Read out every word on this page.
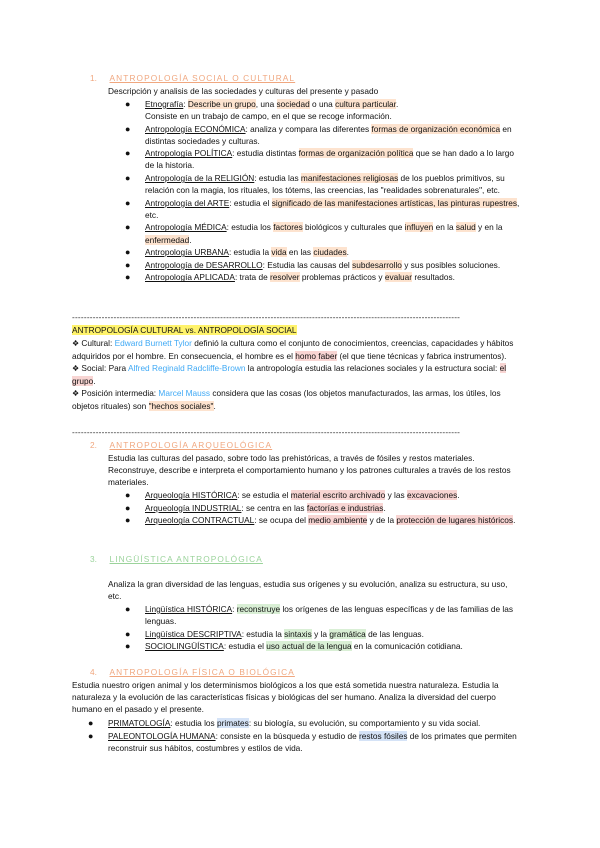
1. ANTROPOLOGÍA SOCIAL O CULTURAL
Descripción y analisis de las sociedades y culturas del presente y pasado
● Etnografía: Describe un grupo, una sociedad o una cultura particular.
Consiste en un trabajo de campo, en el que se recoge información.
● Antropología ECONÓMICA: analiza y compara las diferentes formas de organización económica en distintas sociedades y culturas.
● Antropología POLÍTICA: estudia distintas formas de organización política que se han dado a lo largo de la historia.
● Antropología de la RELIGIÓN: estudia las manifestaciones religiosas de los pueblos primitivos, su relación con la magia, los rituales, los tótems, las creencias, las "realidades sobrenaturales", etc.
● Antropología del ARTE: estudia el significado de las manifestaciones artísticas, las pinturas rupestres, etc.
● Antropología MÉDICA: estudia los factores biológicos y culturales que influyen en la salud y en la enfermedad.
● Antropología URBANA: estudia la vida en las ciudades.
● Antropología de DESARROLLO: Estudia las causas del subdesarrollo y sus posibles soluciones.
● Antropología APLICADA: trata de resolver problemas prácticos y evaluar resultados.
-----------------------------------------------------------------------------------------------------------------------------------
ANTROPOLOGÍA CULTURAL vs. ANTROPOLOGÍA SOCIAL
❖ Cultural: Edward Burnett Tylor definió la cultura como el conjunto de conocimientos, creencias, capacidades y hábitos adquiridos por el hombre. En consecuencia, el hombre es el homo faber (el que tiene técnicas y fabrica instrumentos).
❖ Social: Para Alfred Reginald Radcliffe-Brown la antropología estudia las relaciones sociales y la estructura social: el grupo.
❖ Posición intermedia: Marcel Mauss considera que las cosas (los objetos manufacturados, las armas, los útiles, los objetos rituales) son "hechos sociales".
-----------------------------------------------------------------------------------------------------------------------------------
2. ANTROPOLOGÍA ARQUEOLÓGICA
Estudia las culturas del pasado, sobre todo las prehistóricas, a través de fósiles y restos materiales. Reconstruye, describe e interpreta el comportamiento humano y los patrones culturales a través de los restos materiales.
● Arqueología HISTÓRICA: se estudia el material escrito archivado y las excavaciones.
● Arqueología INDUSTRIAL: se centra en las factorías e industrias.
● Arqueología CONTRACTUAL: se ocupa del medio ambiente y de la protección de lugares históricos.
3. LINGÜÍSTICA ANTROPOLÓGICA
Analiza la gran diversidad de las lenguas, estudia sus orígenes y su evolución, analiza su estructura, su uso, etc.
● Lingüística HISTÓRICA: reconstruye los orígenes de las lenguas específicas y de las familias de las lenguas.
● Lingüística DESCRIPTIVA: estudia la sintaxis y la gramática de las lenguas.
● SOCIOLINGÜÍSTICA: estudia el uso actual de la lengua en la comunicación cotidiana.
4. ANTROPOLOGÍA FÍSICA O BIOLÓGICA
Estudia nuestro origen animal y los determinismos biológicos a los que está sometida nuestra naturaleza. Estudia la naturaleza y la evolución de las características físicas y biológicas del ser humano. Analiza la diversidad del cuerpo humano en el pasado y el presente.
● PRIMATOLOGÍA: estudia los primates: su biología, su evolución, su comportamiento y su vida social.
● PALEONTOLOGÍA HUMANA: consiste en la búsqueda y estudio de restos fósiles de los primates que permiten reconstruir sus hábitos, costumbres y estilos de vida.
